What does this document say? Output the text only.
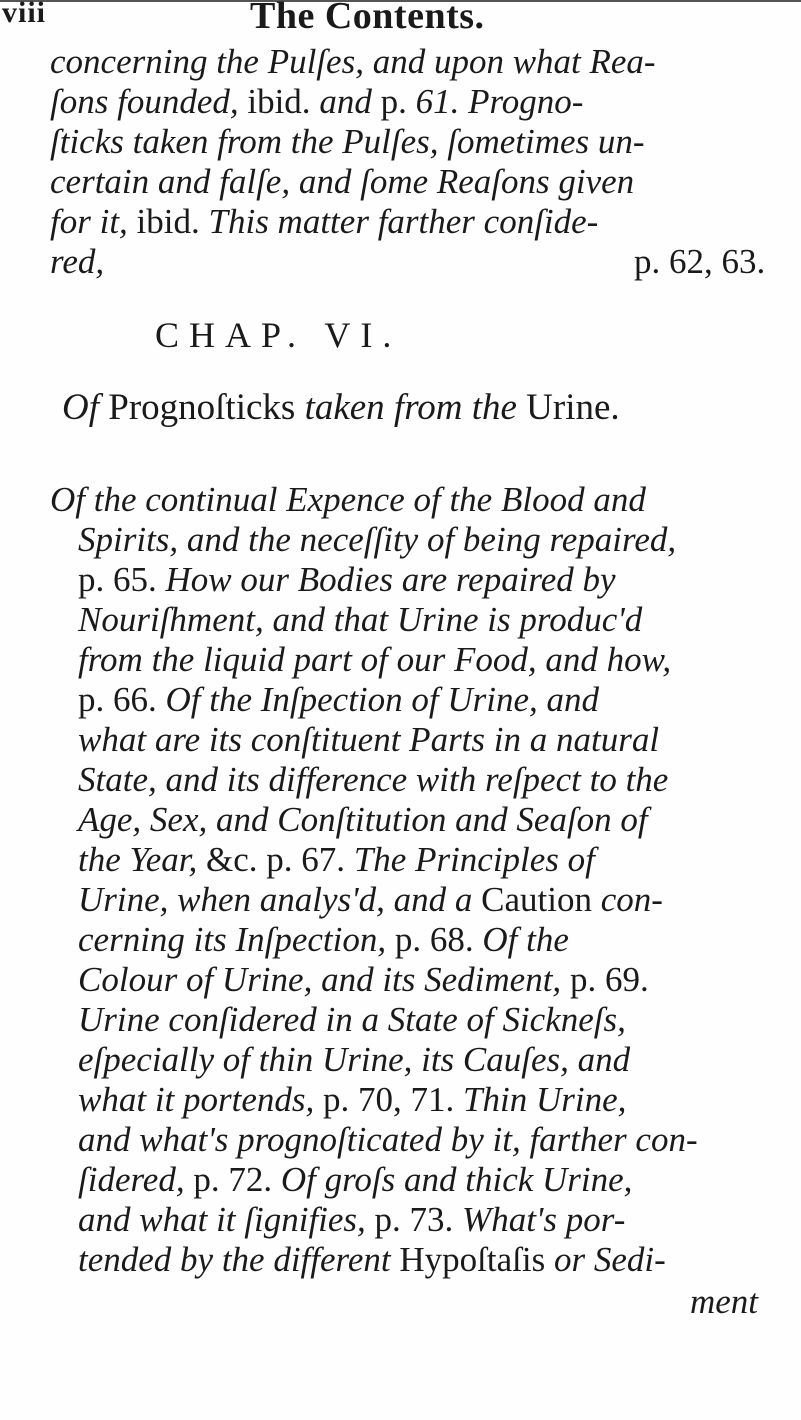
viii	The Contents.
concerning the Pulſes, and upon what Rea-
ſons founded, ibid. and p. 61. Progno-
ſticks taken from the Pulſes, ſometimes un-
certain and falſe, and ſome Reaſons given
for it, ibid. This matter farther conſide-
red,	p. 62, 63.
CHAP. VI.
Of Prognoſticks taken from the Urine.
Of the continual Expence of the Blood and
Spirits, and the neceſſity of being repaired,
p. 65. How our Bodies are repaired by
Nouriſhment, and that Urine is produc'd
from the liquid part of our Food, and how,
p. 66. Of the Inſpection of Urine, and
what are its conſtituent Parts in a natural
State, and its difference with reſpect to the
Age, Sex, and Conſtitution and Seaſon of
the Year, &c. p. 67. The Principles of
Urine, when analys'd, and a Caution con-
cerning its Inſpection, p. 68. Of the
Colour of Urine, and its Sediment, p. 69.
Urine conſidered in a State of Sickneſs,
eſpecially of thin Urine, its Cauſes, and
what it portends, p. 70, 71. Thin Urine,
and what's prognoſticated by it, farther con-
ſidered, p. 72. Of groſs and thick Urine,
and what it ſignifies, p. 73. What's por-
tended by the different Hypoſtaſis or Sedi-
ment
